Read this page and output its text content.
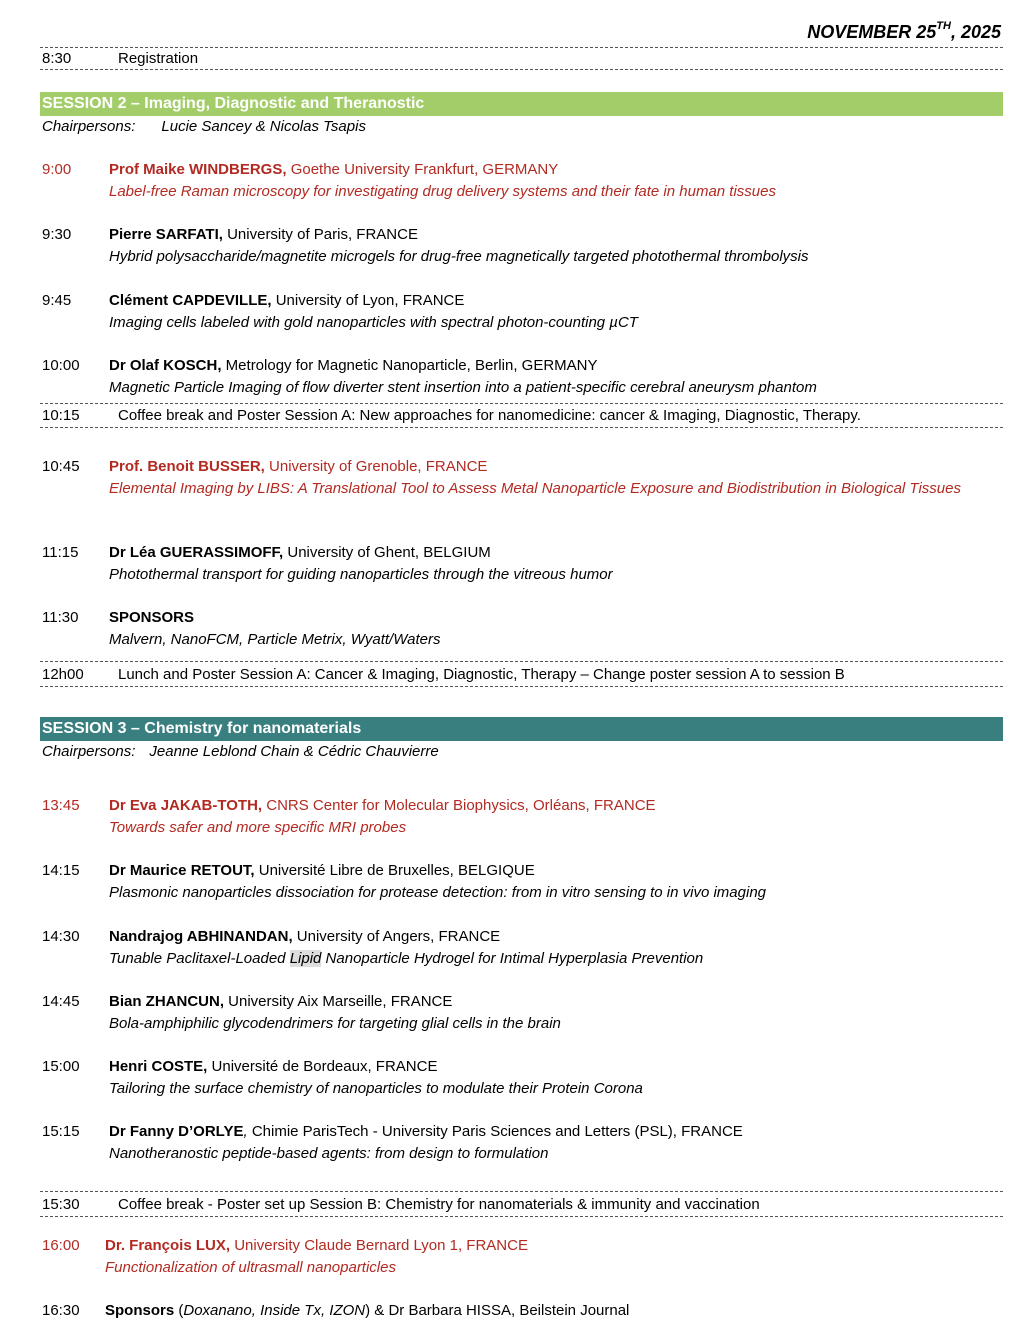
NOVEMBER 25TH, 2025
8:30	Registration
SESSION 2 – Imaging, Diagnostic and Theranostic
Chairpersons: Lucie Sancey & Nicolas Tsapis
9:00	Prof Maike WINDBERGS, Goethe University Frankfurt, GERMANY
Label-free Raman microscopy for investigating drug delivery systems and their fate in human tissues
9:30	Pierre SARFATI, University of Paris, FRANCE
Hybrid polysaccharide/magnetite microgels for drug-free magnetically targeted photothermal thrombolysis
9:45	Clément CAPDEVILLE, University of Lyon, FRANCE
Imaging cells labeled with gold nanoparticles with spectral photon-counting µCT
10:00 Dr Olaf KOSCH, Metrology for Magnetic Nanoparticle, Berlin, GERMANY
Magnetic Particle Imaging of flow diverter stent insertion into a patient-specific cerebral aneurysm phantom
10:15	Coffee break and Poster Session A: New approaches for nanomedicine: cancer & Imaging, Diagnostic, Therapy.
10:45 Prof. Benoit BUSSER, University of Grenoble, FRANCE
Elemental Imaging by LIBS: A Translational Tool to Assess Metal Nanoparticle Exposure and Biodistribution in Biological Tissues
11:15 Dr Léa GUERASSIMOFF, University of Ghent, BELGIUM
Photothermal transport for guiding nanoparticles through the vitreous humor
11:30 SPONSORS
Malvern, NanoFCM, Particle Metrix, Wyatt/Waters
12h00 Lunch and Poster Session A: Cancer & Imaging, Diagnostic, Therapy – Change poster session A to session B
SESSION 3 – Chemistry for nanomaterials
Chairpersons: Jeanne Leblond Chain & Cédric Chauvierre
13:45 Dr Eva JAKAB-TOTH, CNRS Center for Molecular Biophysics, Orléans, FRANCE
Towards safer and more specific MRI probes
14:15 Dr Maurice RETOUT, Université Libre de Bruxelles, BELGIQUE
Plasmonic nanoparticles dissociation for protease detection: from in vitro sensing to in vivo imaging
14:30 Nandrajog ABHINANDAN, University of Angers, FRANCE
Tunable Paclitaxel-Loaded Lipid Nanoparticle Hydrogel for Intimal Hyperplasia Prevention
14:45 Bian ZHANCUN, University Aix Marseille, FRANCE
Bola-amphiphilic glycodendrimers for targeting glial cells in the brain
15:00 Henri COSTE, Université de Bordeaux, FRANCE
Tailoring the surface chemistry of nanoparticles to modulate their Protein Corona
15:15 Dr Fanny D’ORLYE, Chimie ParisTech - University Paris Sciences and Letters (PSL), FRANCE
Nanotheranostic peptide-based agents: from design to formulation
15:30	Coffee break - Poster set up Session B: Chemistry for nanomaterials & immunity and vaccination
16:00 Dr. François LUX, University Claude Bernard Lyon 1, FRANCE
Functionalization of ultrasmall nanoparticles
16:30 Sponsors (Doxanano, Inside Tx, IZON) & Dr Barbara HISSA, Beilstein Journal
